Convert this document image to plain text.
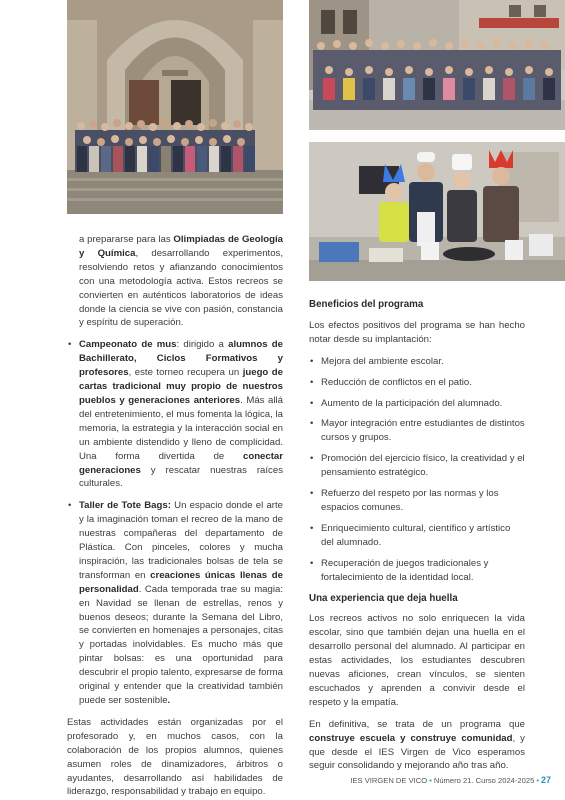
a prepararse para las Olimpiadas de Geología y Química, desarrollando experimentos, resolviendo retos y afianzando conocimientos con una metodología activa. Estos recreos se convierten en auténticos laboratorios de ideas donde la ciencia se vive con pasión, constancia y espíritu de superación.

• Campeonato de mus: dirigido a alumnos de Bachillerato, Ciclos Formativos y profesores, este torneo recupera un juego de cartas tradicional muy propio de nuestros pueblos y generaciones anteriores. Más allá del entretenimiento, el mus fomenta la lógica, la memoria, la estrategia y la interacción social en un ambiente distendido y lleno de complicidad. Una forma divertida de conectar generaciones y rescatar nuestras raíces culturales.
• Taller de Tote Bags: Un espacio donde el arte y la imaginación toman el recreo de la mano de nuestras compañeras del departamento de Plástica. Con pinceles, colores y mucha inspiración, las tradicionales bolsas de tela se transforman en creaciones únicas llenas de personalidad. Cada temporada trae su magia: en Navidad se llenan de estrellas, renos y buenos deseos; durante la Semana del Libro, se convierten en homenajes a personajes, citas y portadas inolvidables. Es mucho más que pintar bolsas: es una oportunidad para descubrir el propio talento, expresarse de forma original y entender que la creatividad también puede ser sostenible.

Estas actividades están organizadas por el profesorado y, en muchos casos, con la colaboración de los propios alumnos, quienes asumen roles de dinamizadores, árbitros o ayudantes, desarrollando así habilidades de liderazgo, responsabilidad y trabajo en equipo.

Beneficios del programa

Los efectos positivos del programa se han hecho notar desde su implantación:

• Mejora del ambiente escolar.
• Reducción de conflictos en el patio.
• Aumento de la participación del alumnado.
• Mayor integración entre estudiantes de distintos cursos y grupos.
• Promoción del ejercicio físico, la creatividad y el pensamiento estratégico.
• Refuerzo del respeto por las normas y los espacios comunes.
• Enriquecimiento cultural, científico y artístico del alumnado.
• Recuperación de juegos tradicionales y fortalecimiento de la identidad local.
Una experiencia que deja huella

Los recreos activos no solo enriquecen la vida escolar, sino que también dejan una huella en el desarrollo personal del alumnado. Al participar en estas actividades, los estudiantes descubren nuevas aficiones, crean vínculos, se sienten escuchados y aprenden a convivir desde el respeto y la empatía.

En definitiva, se trata de un programa que construye escuela y construye comunidad, y que desde el IES Virgen de Vico esperamos seguir consolidando y mejorando año tras año.

IES VIRGEN DE VICO • Número 21. Curso 2024-2025 • 27
